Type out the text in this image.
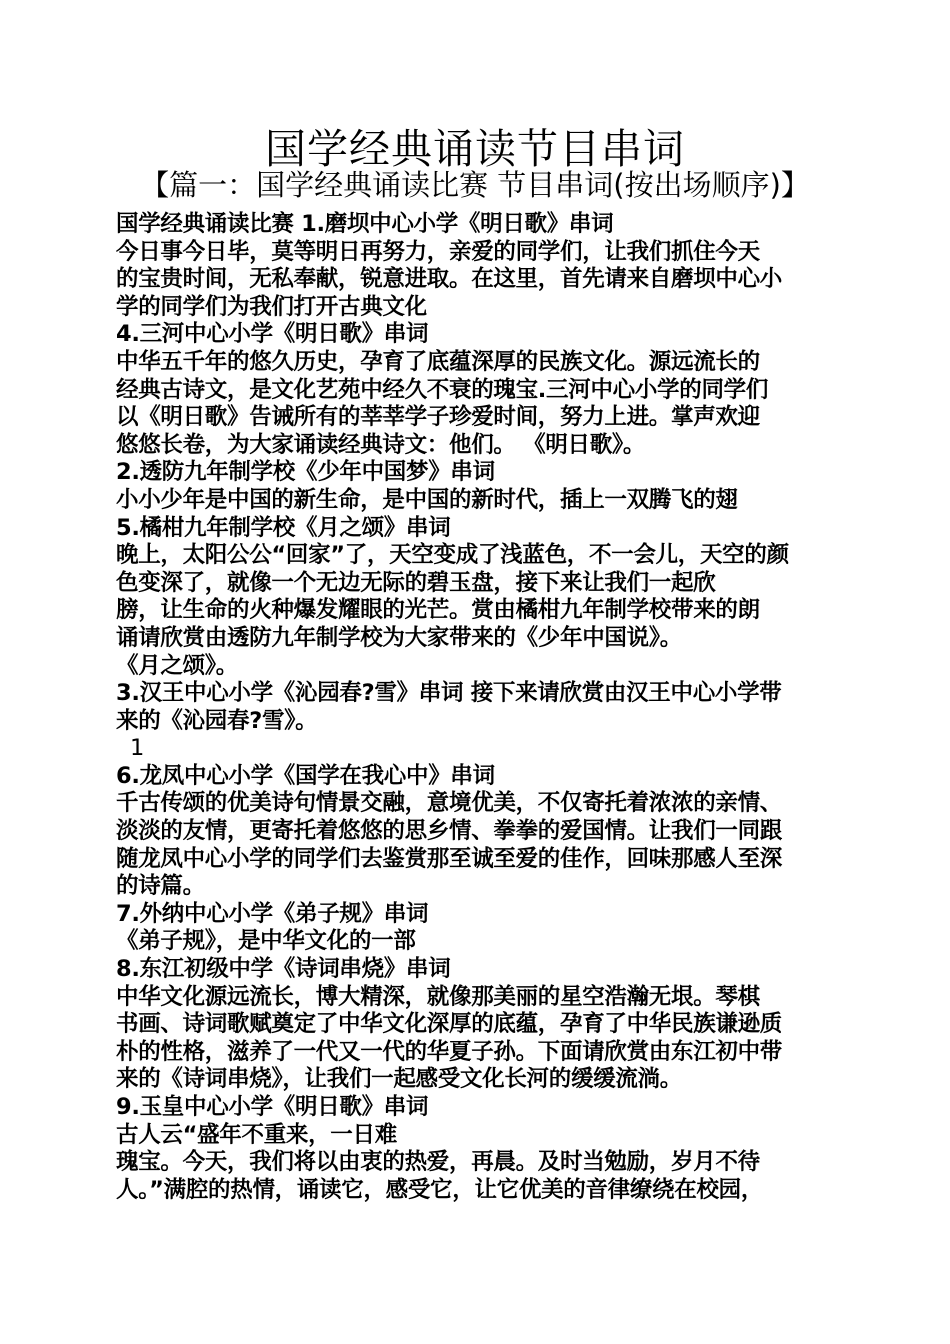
国学经典诵读节目串词
【篇一：国学经典诵读比赛 节目串词(按出场顺序)】
国学经典诵读比赛 1.磨坝中心小学《明日歌》串词
今日事今日毕，莫等明日再努力，亲爱的同学们，让我们抓住今天
的宝贵时间，无私奉献，锐意进取。在这里，首先请来自磨坝中心小
学的同学们为我们打开古典文化
4.三河中心小学《明日歌》串词
中华五千年的悠久历史，孕育了底蕴深厚的民族文化。源远流长的
经典古诗文，是文化艺苑中经久不衰的瑰宝.三河中心小学的同学们
以《明日歌》告诫所有的莘莘学子珍爱时间，努力上进。掌声欢迎
悠悠长卷，为大家诵读经典诗文：他们。 《明日歌》。
2.透防九年制学校《少年中国梦》串词
小小少年是中国的新生命，是中国的新时代，插上一双腾飞的翅
5.橘柑九年制学校《月之颂》串词
晚上，太阳公公“回家”了，天空变成了浅蓝色，不一会儿，天空的颜
色变深了，就像一个无边无际的碧玉盘，接下来让我们一起欣
膀，让生命的火种爆发耀眼的光芒。赏由橘柑九年制学校带来的朗
诵请欣赏由透防九年制学校为大家带来的《少年中国说》。
《月之颂》。
3.汉王中心小学《沁园春?雪》串词 接下来请欣赏由汉王中心小学带
来的《沁园春?雪》。
1
6.龙凤中心小学《国学在我心中》串词
千古传颂的优美诗句情景交融，意境优美，不仅寄托着浓浓的亲情、
淡淡的友情，更寄托着悠悠的思乡情、拳拳的爱国情。让我们一同跟
随龙凤中心小学的同学们去鉴赏那至诚至爱的佳作，回味那感人至深
的诗篇。
7.外纳中心小学《弟子规》串词
《弟子规》，是中华文化的一部
8.东江初级中学《诗词串烧》串词
中华文化源远流长，博大精深，就像那美丽的星空浩瀚无垠。琴棋
书画、诗词歌赋奠定了中华文化深厚的底蕴，孕育了中华民族谦逊质
朴的性格，滋养了一代又一代的华夏子孙。下面请欣赏由东江初中带
来的《诗词串烧》，让我们一起感受文化长河的缓缓流淌。
9.玉皇中心小学《明日歌》串词
古人云“盛年不重来，一日难
瑰宝。今天，我们将以由衷的热爱，再晨。及时当勉励，岁月不待
人。”满腔的热情，诵读它，感受它，让它优美的音律缭绕在校园，
